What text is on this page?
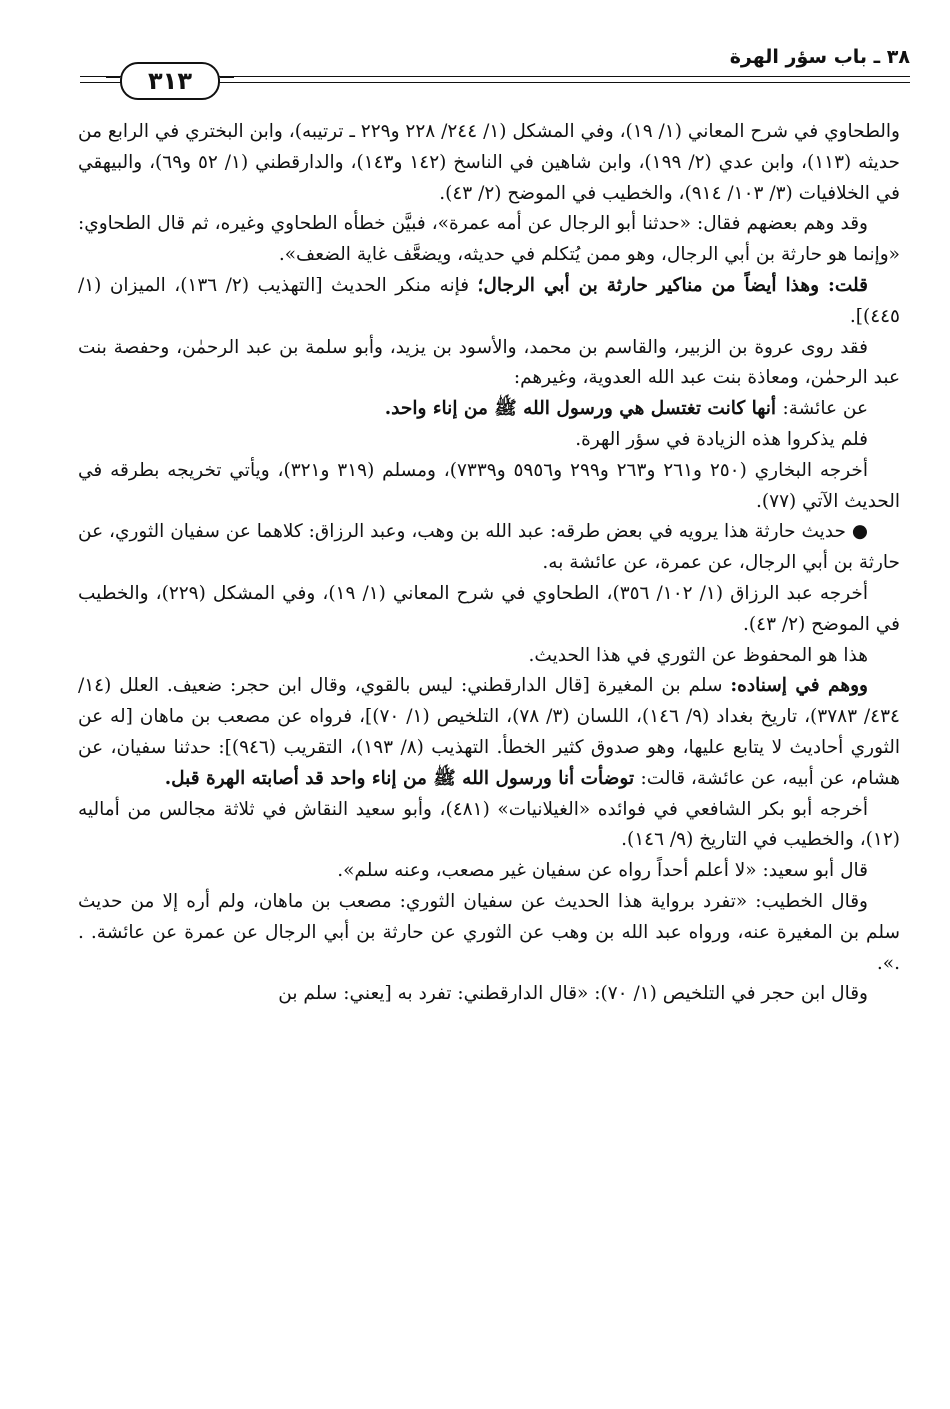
٣٨ ـ باب سؤر الهرة
٣١٣

والطحاوي في شرح المعاني (١/ ١٩)، وفي المشكل (١/ ٢٤٤/ ٢٢٨ و٢٢٩ ـ ترتيبه)، وابن البختري في الرابع من حديثه (١١٣)، وابن عدي (٢/ ١٩٩)، وابن شاهين في الناسخ (١٤٢ و١٤٣)، والدارقطني (١/ ٥٢ و٦٩)، والبيهقي في الخلافيات (٣/ ١٠٣/ ٩١٤)، والخطيب في الموضح (٢/ ٤٣).

وقد وهم بعضهم فقال: «حدثنا أبو الرجال عن أمه عمرة»، فبيَّن خطأه الطحاوي وغيره، ثم قال الطحاوي: «وإنما هو حارثة بن أبي الرجال، وهو ممن يُتكلم في حديثه، ويضعَّف غاية الضعف».

قلت: وهذا أيضاً من مناكير حارثة بن أبي الرجال؛ فإنه منكر الحديث [التهذيب (٢/ ١٣٦)، الميزان (١/ ٤٤٥)].

فقد روى عروة بن الزبير، والقاسم بن محمد، والأسود بن يزيد، وأبو سلمة بن عبد الرحمٰن، وحفصة بنت عبد الرحمٰن، ومعاذة بنت عبد الله العدوية، وغيرهم:

عن عائشة: أنها كانت تغتسل هي ورسول الله ﷺ من إناء واحد.

فلم يذكروا هذه الزيادة في سؤر الهرة.

أخرجه البخاري (٢٥٠ و٢٦١ و٢٦٣ و٢٩٩ و٥٩٥٦ و٧٣٣٩)، ومسلم (٣١٩ و٣٢١)، ويأتي تخريجه بطرقه في الحديث الآتي (٧٧).

● حديث حارثة هذا يرويه في بعض طرقه: عبد الله بن وهب، وعبد الرزاق: كلاهما عن سفيان الثوري، عن حارثة بن أبي الرجال، عن عمرة، عن عائشة به.

أخرجه عبد الرزاق (١/ ١٠٢/ ٣٥٦)، الطحاوي في شرح المعاني (١/ ١٩)، وفي المشكل (٢٢٩)، والخطيب في الموضح (٢/ ٤٣).

هذا هو المحفوظ عن الثوري في هذا الحديث.

ووهم في إسناده: سلم بن المغيرة [قال الدارقطني: ليس بالقوي، وقال ابن حجر: ضعيف. العلل (١٤/ ٤٣٤/ ٣٧٨٣)، تاريخ بغداد (٩/ ١٤٦)، اللسان (٣/ ٧٨)، التلخيص (١/ ٧٠)]، فرواه عن مصعب بن ماهان [له عن الثوري أحاديث لا يتابع عليها، وهو صدوق كثير الخطأ. التهذيب (٨/ ١٩٣)، التقريب (٩٤٦)]: حدثنا سفيان، عن هشام، عن أبيه، عن عائشة، قالت: توضأت أنا ورسول الله ﷺ من إناء واحد قد أصابته الهرة قبل.

أخرجه أبو بكر الشافعي في فوائده «الغيلانيات» (٤٨١)، وأبو سعيد النقاش في ثلاثة مجالس من أماليه (١٢)، والخطيب في التاريخ (٩/ ١٤٦).

قال أبو سعيد: «لا أعلم أحداً رواه عن سفيان غير مصعب، وعنه سلم».

وقال الخطيب: «تفرد برواية هذا الحديث عن سفيان الثوري: مصعب بن ماهان، ولم أره إلا من حديث سلم بن المغيرة عنه، ورواه عبد الله بن وهب عن الثوري عن حارثة بن أبي الرجال عن عمرة عن عائشة. . .».

وقال ابن حجر في التلخيص (١/ ٧٠): «قال الدارقطني: تفرد به [يعني: سلم بن
